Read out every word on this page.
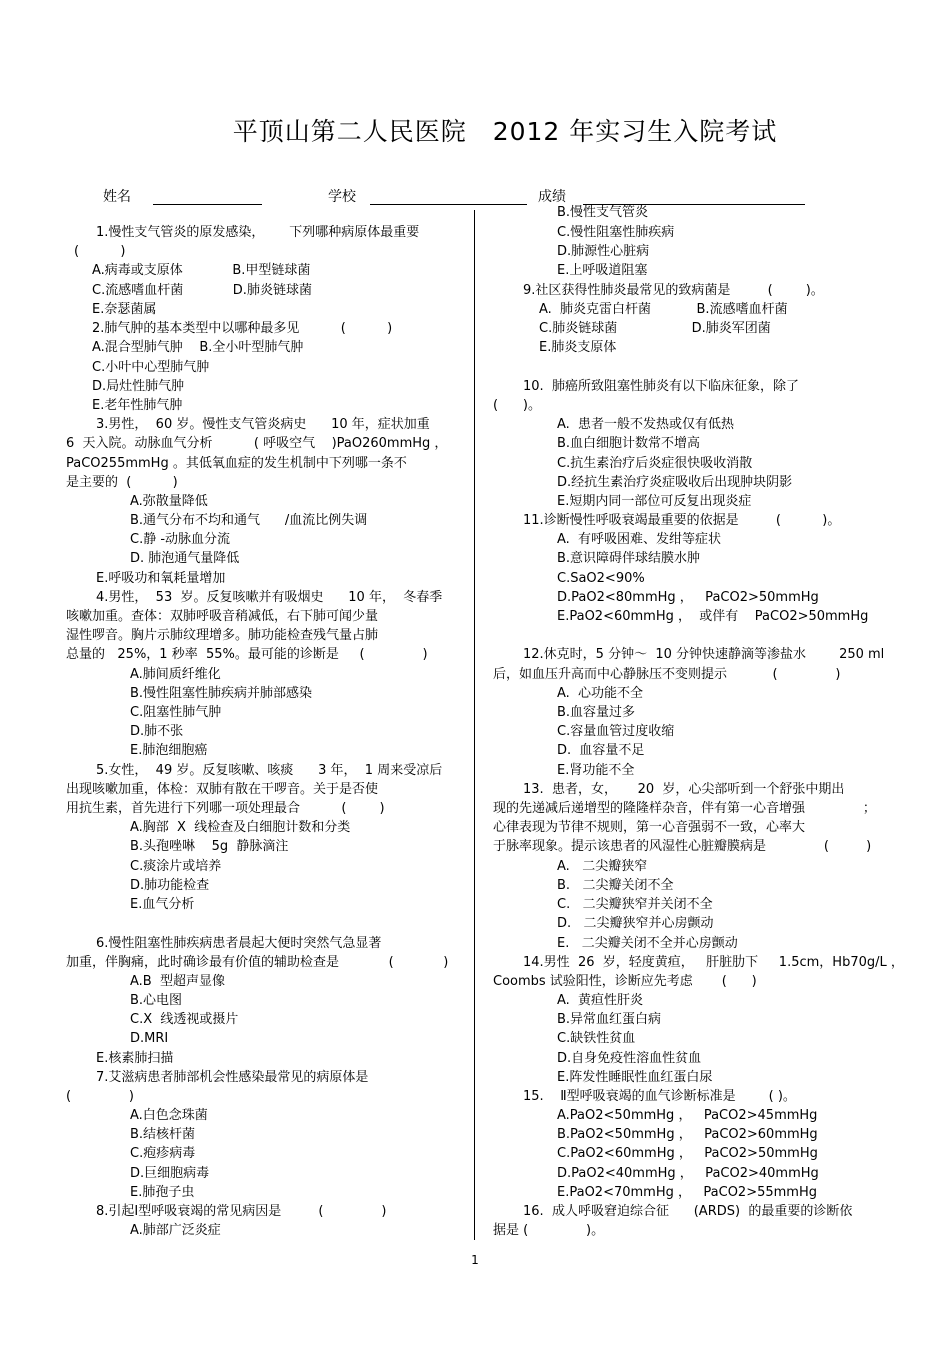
平顶山第二人民医院　2012 年实习生入院考试
姓名	学校	成绩
1.慢性支气管炎的原发感染，      下列哪种病原体最重要
(          )
A.病毒或支原体            B.甲型链球菌
C.流感嗜血杆菌            D.肺炎链球菌
E.奈瑟菌属
2.肺气肿的基本类型中以哪种最多见          (          )
A.混合型肺气肿    B.全小叶型肺气肿
C.小叶中心型肺气肿
D.局灶性肺气肿
E.老年性肺气肿
3.男性，  60 岁。慢性支气管炎病史      10 年，症状加重
6  天入院。动脉血气分析          ( 呼吸空气    )PaO260mmHg ，
PaCO255mmHg 。其低氧血症的发生机制中下列哪一条不
是主要的  (          )
A.弥散量降低
B.通气分布不均和通气      /血流比例失调
C.静 -动脉血分流
D. 肺泡通气量降低
E.呼吸功和氧耗量增加
4.男性，  53  岁。反复咳嗽并有吸烟史      10 年，  冬春季
咳嗽加重。查体：双肺呼吸音稍减低，右下肺可闻少量
湿性啰音。胸片示肺纹理增多。肺功能检查残气量占肺
总量的   25%，1 秒率  55%。最可能的诊断是     (              )
A.肺间质纤维化
B.慢性阻塞性肺疾病并肺部感染
C.阻塞性肺气肿
D.肺不张
E.肺泡细胞癌
5.女性，  49 岁。反复咳嗽、咳痰      3 年，  1 周来受凉后
出现咳嗽加重，体检：双肺有散在干啰音。关于是否使
用抗生素，首先进行下列哪一项处理最合          (        )
A.胸部  X  线检查及白细胞计数和分类
B.头孢唑啉    5g  静脉滴注
C.痰涂片或培养
D.肺功能检查
E.血气分析
6.慢性阻塞性肺疾病患者晨起大便时突然气急显著
加重，伴胸痛，此时确诊最有价值的辅助检查是            (            )
A.B  型超声显像
B.心电图
C.X  线透视或摄片
D.MRI
E.核素肺扫描
7.艾滋病患者肺部机会性感染最常见的病原体是
(              )
A.白色念珠菌
B.结核杆菌
C.疱疹病毒
D.巨细胞病毒
E.肺孢子虫
8.引起Ⅰ型呼吸衰竭的常见病因是         (              )
A.肺部广泛炎症
B.慢性支气管炎
C.慢性阻塞性肺疾病
D.肺源性心脏病
E.上呼吸道阻塞
9.社区获得性肺炎最常见的致病菌是         (        )。
A.  肺炎克雷白杆菌           B.流感嗜血杆菌
C.肺炎链球菌                  D.肺炎军团菌
E.肺炎支原体
10.  肺癌所致阻塞性肺炎有以下临床征象，除了
(      )。
A.  患者一般不发热或仅有低热
B.血白细胞计数常不增高
C.抗生素治疗后炎症很快吸收消散
D.经抗生素治疗炎症吸收后出现肿块阴影
E.短期内同一部位可反复出现炎症
11.诊断慢性呼吸衰竭最重要的依据是         (          )。
A.  有呼吸困难、发绀等症状
B.意识障碍伴球结膜水肿
C.SaO2<90%
D.PaO2<80mmHg ，   PaCO2>50mmHg
E.PaO2<60mmHg ，  或伴有    PaCO2>50mmHg
12.休克时，5 分钟～  10 分钟快速静滴等渗盐水        250 ml
后，如血压升高而中心静脉压不变则提示           (              )
A.  心功能不全
B.血容量过多
C.容量血管过度收缩
D.  血容量不足
E.肾功能不全
13.  患者，女，     20  岁，心尖部听到一个舒张中期出
现的先递减后递增型的隆隆样杂音，伴有第一心音增强              ；
心律表现为节律不规则，第一心音强弱不一致，心率大
于脉率现象。提示该患者的风湿性心脏瓣膜病是              (         )
A.   二尖瓣狭窄
B.   二尖瓣关闭不全
C.   二尖瓣狭窄并关闭不全
D.   二尖瓣狭窄并心房颤动
E.   二尖瓣关闭不全并心房颤动
14.男性  26  岁，轻度黄疸，   肝脏肋下     1.5cm，Hb70g/L ，
Coombs 试验阳性，诊断应先考虑       (      )
A.  黄疸性肝炎
B.异常血红蛋白病
C.缺铁性贫血
D.自身免疫性溶血性贫血
E.阵发性睡眠性血红蛋白尿
15.    Ⅱ型呼吸衰竭的血气诊断标准是        ( )。
A.PaO2<50mmHg ，   PaCO2>45mmHg
B.PaO2<50mmHg ，   PaCO2>60mmHg
C.PaO2<60mmHg ，   PaCO2>50mmHg
D.PaO2<40mmHg ，   PaCO2>40mmHg
E.PaO2<70mmHg ，   PaCO2>55mmHg
16.  成人呼吸窘迫综合征      (ARDS)  的最重要的诊断依
据是 (              )。
1
